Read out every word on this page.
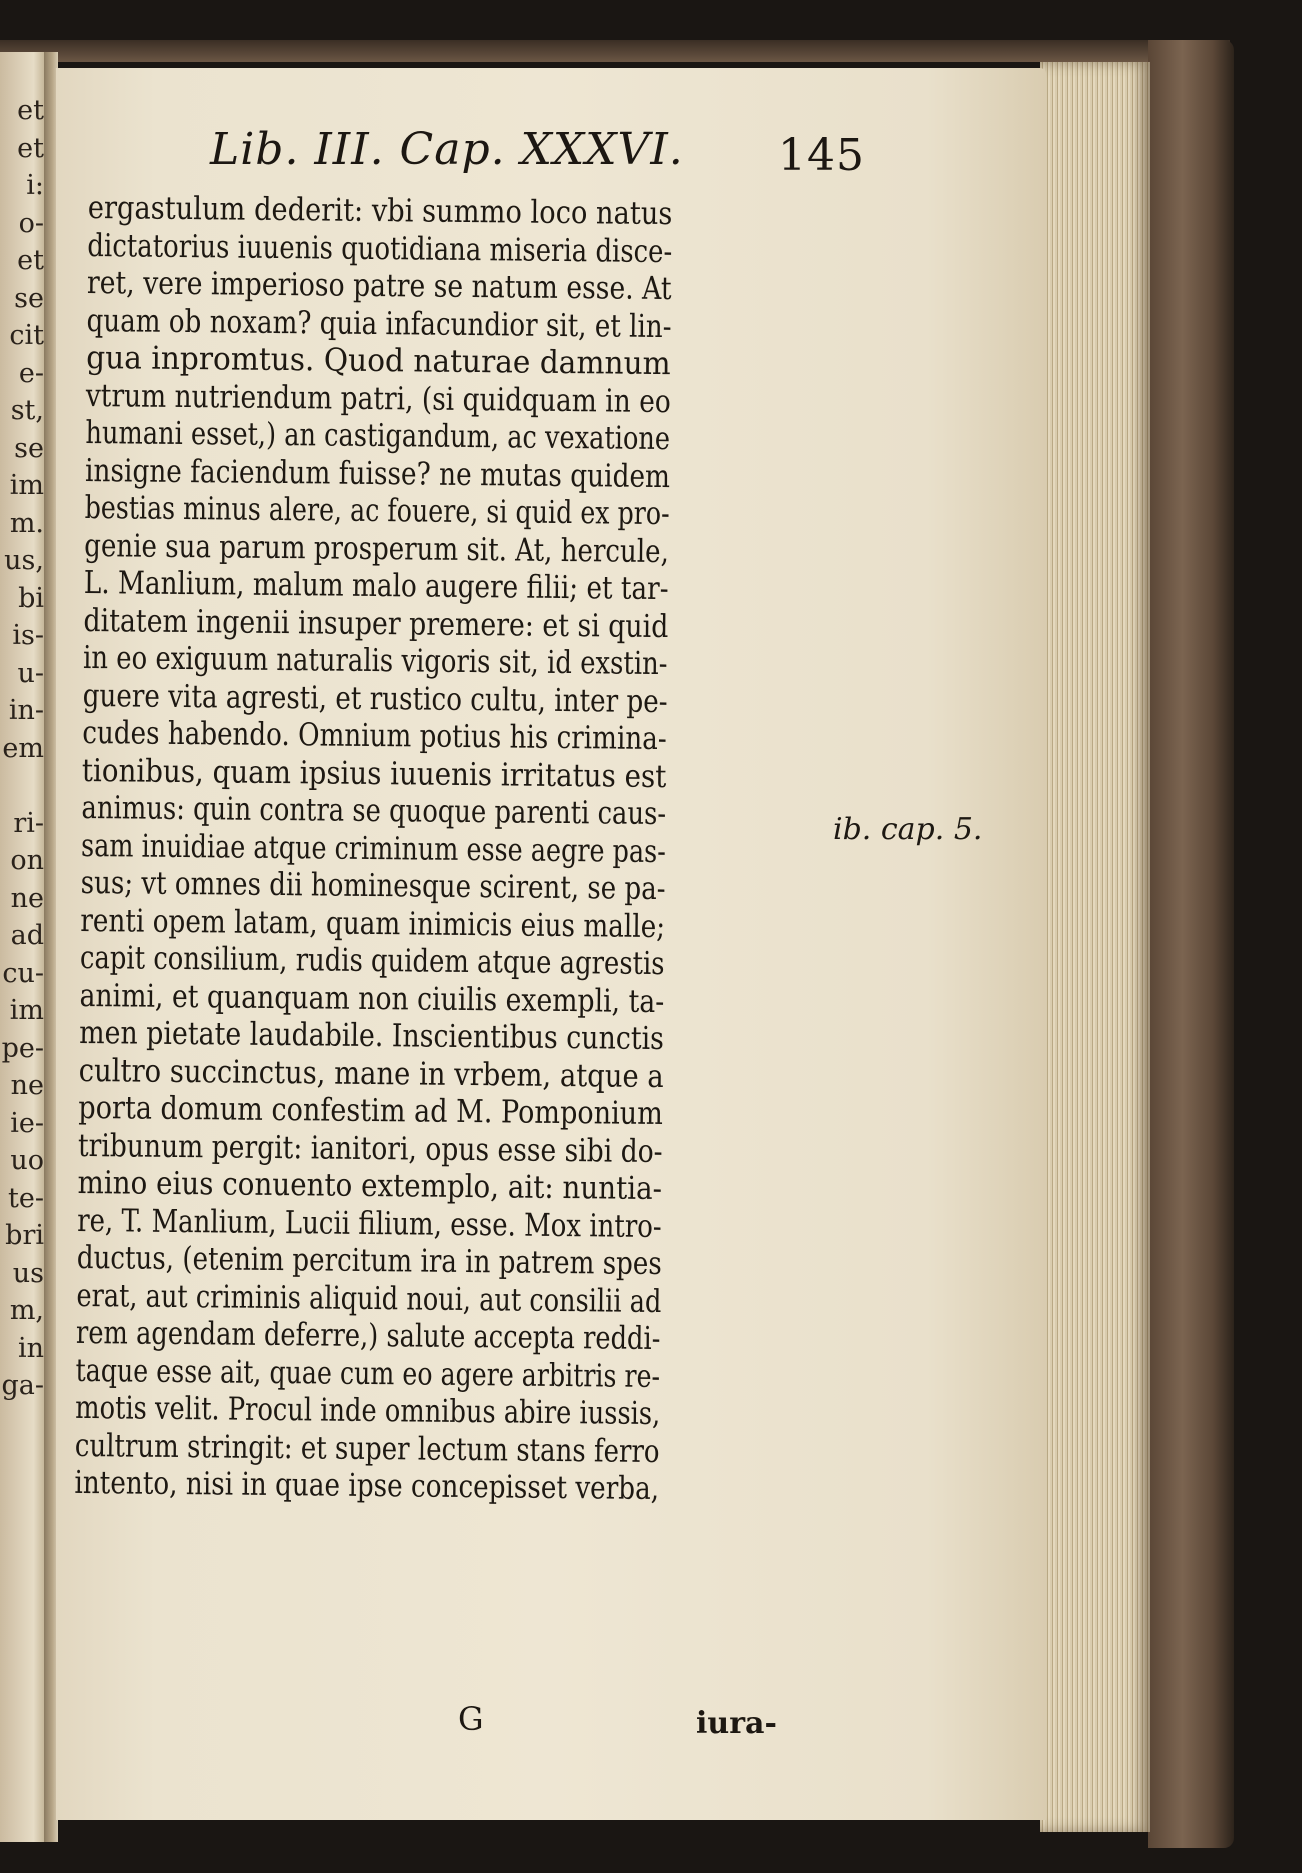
et
et
i:
o-
et
se
cit
e-
st,
se
im
m.
us,
bi
is-
u-
in-
em
ri-
on
ne
ad
cu-
im
pe-
ne
ie-
uo
te-
bri
us
m,
in
ga-
Lib. III. Cap. XXXVI. 145
ergastulum dederit: vbi summo loco natus
dictatorius iuuenis quotidiana miseria disce-
ret, vere imperioso patre se natum esse. At
quam ob noxam? quia infacundior sit, et lin-
gua inpromtus. Quod naturae damnum
vtrum nutriendum patri, (si quidquam in eo
humani esset,) an castigandum, ac vexatione
insigne faciendum fuisse? ne mutas quidem
bestias minus alere, ac fouere, si quid ex pro-
genie sua parum prosperum sit. At, hercule,
L. Manlium, malum malo augere filii; et tar-
ditatem ingenii insuper premere: et si quid
in eo exiguum naturalis vigoris sit, id exstin-
guere vita agresti, et rustico cultu, inter pe-
cudes habendo. Omnium potius his crimina-
tionibus, quam ipsius iuuenis irritatus est
animus: quin contra se quoque parenti caus-
sam inuidiae atque criminum esse aegre pas-
sus; vt omnes dii hominesque scirent, se pa-
renti opem latam, quam inimicis eius malle;
capit consilium, rudis quidem atque agrestis
animi, et quanquam non ciuilis exempli, ta-
men pietate laudabile. Inscientibus cunctis
cultro succinctus, mane in vrbem, atque a
porta domum confestim ad M. Pomponium
tribunum pergit: ianitori, opus esse sibi do-
mino eius conuento extemplo, ait: nuntia-
re, T. Manlium, Lucii filium, esse. Mox intro-
ductus, (etenim percitum ira in patrem spes
erat, aut criminis aliquid noui, aut consilii ad
rem agendam deferre,) salute accepta reddi-
taque esse ait, quae cum eo agere arbitris re-
motis velit. Procul inde omnibus abire iussis,
cultrum stringit: et super lectum stans ferro
intento, nisi in quae ipse concepisset verba,
ib. cap. 5.
G	iura-
